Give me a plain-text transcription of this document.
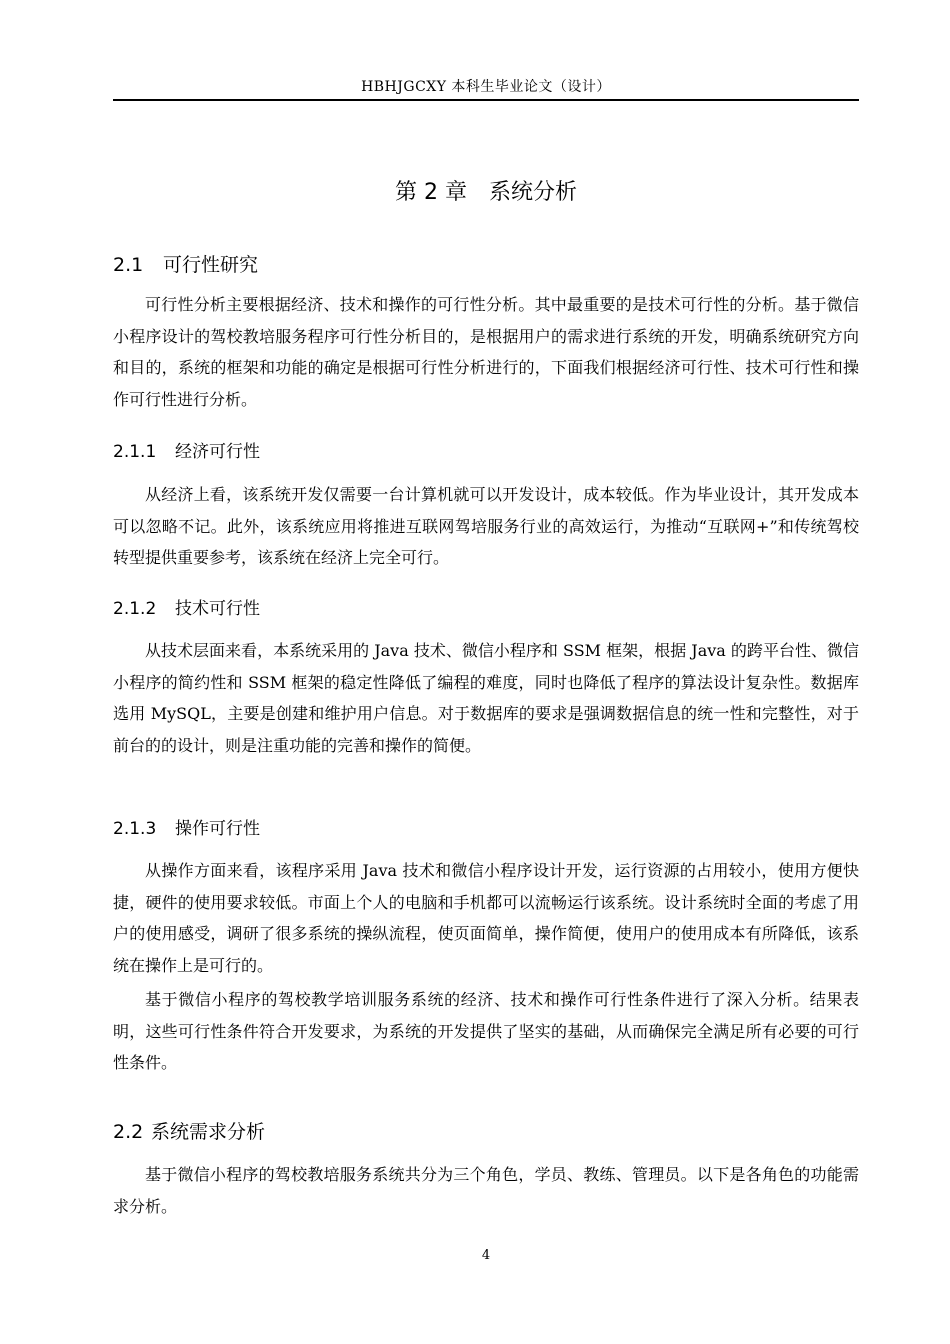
HBHJGCXY 本科生毕业论文（设计）
第 2 章 系统分析
2.1 可行性研究

可行性分析主要根据经济、技术和操作的可行性分析。其中最重要的是技术可行性的分析。基于微信小程序设计的驾校教培服务程序可行性分析目的，是根据用户的需求进行系统的开发，明确系统研究方向和目的，系统的框架和功能的确定是根据可行性分析进行的，下面我们根据经济可行性、技术可行性和操作可行性进行分析。

2.1.1 经济可行性

从经济上看，该系统开发仅需要一台计算机就可以开发设计，成本较低。作为毕业设计，其开发成本可以忽略不记。此外，该系统应用将推进互联网驾培服务行业的高效运行，为推动“互联网+”和传统驾校转型提供重要参考，该系统在经济上完全可行。

2.1.2 技术可行性

从技术层面来看，本系统采用的 Java 技术、微信小程序和 SSM 框架，根据 Java 的跨平台性、微信小程序的简约性和 SSM 框架的稳定性降低了编程的难度，同时也降低了程序的算法设计复杂性。数据库选用 MySQL，主要是创建和维护用户信息。对于数据库的要求是强调数据信息的统一性和完整性，对于前台的的设计，则是注重功能的完善和操作的简便。

2.1.3 操作可行性

从操作方面来看，该程序采用 Java 技术和微信小程序设计开发，运行资源的占用较小，使用方便快捷，硬件的使用要求较低。市面上个人的电脑和手机都可以流畅运行该系统。设计系统时全面的考虑了用户的使用感受，调研了很多系统的操纵流程，使页面简单，操作简便，使用户的使用成本有所降低，该系统在操作上是可行的。

基于微信小程序的驾校教学培训服务系统的经济、技术和操作可行性条件进行了深入分析。结果表明，这些可行性条件符合开发要求，为系统的开发提供了坚实的基础，从而确保完全满足所有必要的可行性条件。

2.2 系统需求分析

基于微信小程序的驾校教培服务系统共分为三个角色，学员、教练、管理员。以下是各角色的功能需求分析。

4
